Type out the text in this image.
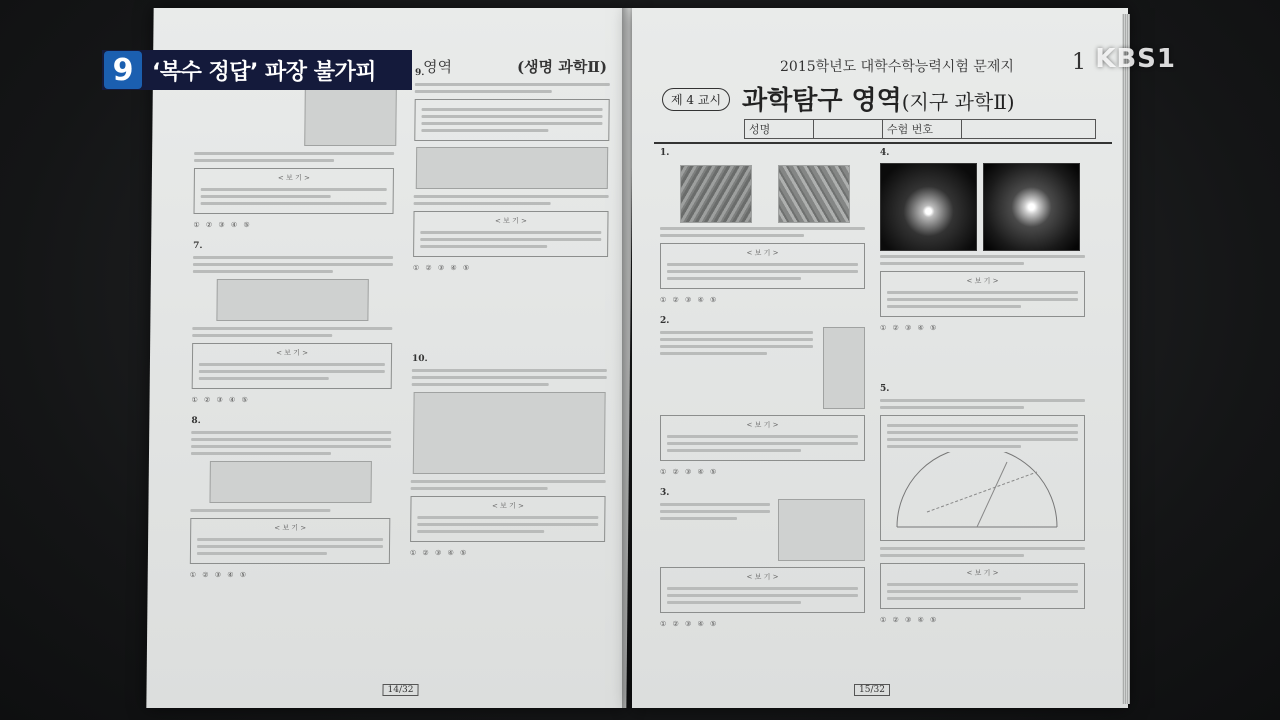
영역	(생명 과학Ⅱ)
< 보 기 >
① ② ③ ④ ⑤
7.
< 보 기 >
① ② ③ ④ ⑤
8.
< 보 기 >
① ② ③ ④ ⑤
9.
< 보 기 >
① ② ③ ④ ⑤
10.
< 보 기 >
① ② ③ ④ ⑤
14/32
2015학년도 대학수학능력시험 문제지	1
제 4 교시 과학탐구 영역(지구 과학Ⅱ)
성명	수험 번호
1.
< 보 기 >
① ② ③ ④ ⑤
2.
< 보 기 >
① ② ③ ④ ⑤
3.
< 보 기 >
① ② ③ ④ ⑤
4.
< 보 기 >
① ② ③ ④ ⑤
5.
< 보 기 >
① ② ③ ④ ⑤
15/32
9 ‘복수 정답’ 파장 불가피	KBS1
